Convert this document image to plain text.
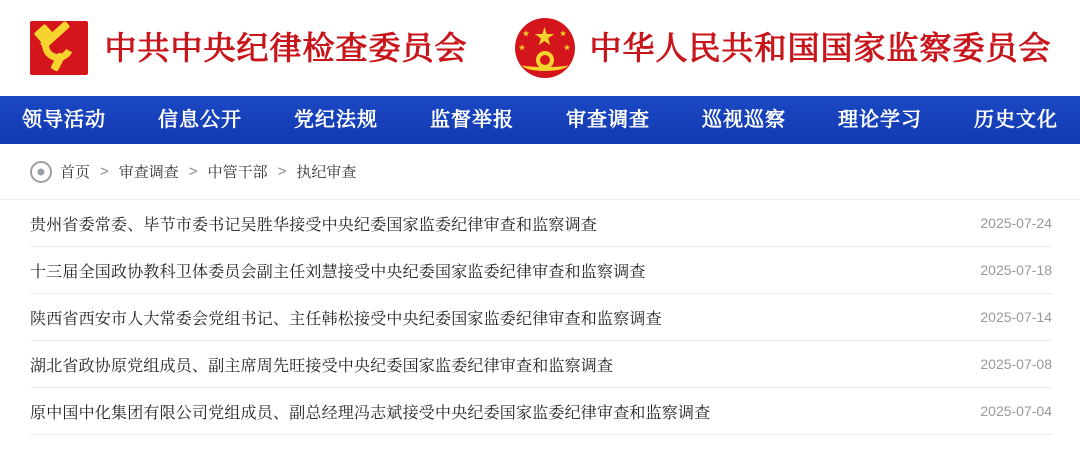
中共中央纪律检查委员会	中华人民共和国国家监察委员会
领导活动	信息公开	党纪法规	监督举报	审查调查	巡视巡察	理论学习	历史文化
首页 > 审查调查 > 中管干部 > 执纪审查
贵州省委常委、毕节市委书记吴胜华接受中央纪委国家监委纪律审查和监察调查	2025-07-24
十三届全国政协教科卫体委员会副主任刘慧接受中央纪委国家监委纪律审查和监察调查	2025-07-18
陕西省西安市人大常委会党组书记、主任韩松接受中央纪委国家监委纪律审查和监察调查	2025-07-14
湖北省政协原党组成员、副主席周先旺接受中央纪委国家监委纪律审查和监察调查	2025-07-08
原中国中化集团有限公司党组成员、副总经理冯志斌接受中央纪委国家监委纪律审查和监察调查	2025-07-04
